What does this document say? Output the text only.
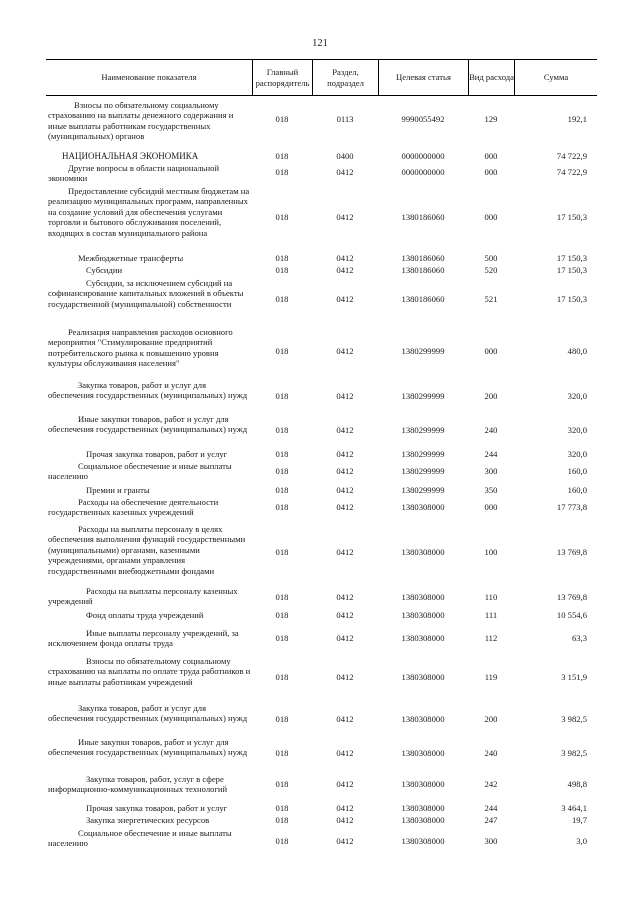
121
Наименование показателя
Главный распорядитель
Раздел, подраздел
Целевая статья	Вид расхода	Сумма
Взносы по обязательному социальному страхованию на выплаты денежного содержания и иные выплаты работникам государственных (муниципальных) органов
018	0113	9990055492	129	192,1
НАЦИОНАЛЬНАЯ ЭКОНОМИКА	018	0400	0000000000	000	74 722,9
Другие вопросы в области национальной экономики
018	0412	0000000000	000	74 722,9
Предоставление субсидий местным бюджетам на реализацию муниципальных программ, направленных на создание условий для обеспечения услугами торговли и бытового обслуживания поселений, входящих в состав муниципального района
018	0412	1380186060	000	17 150,3
Межбюджетные трансферты	018	0412	1380186060	500	17 150,3
Субсидии	018	0412	1380186060	520	17 150,3
Субсидии, за исключением субсидий на софинансирование капитальных вложений в объекты государственной (муниципальной) собственности	018	0412	1380186060	521	17 150,3
Реализация направления расходов основного мероприятия "Стимулирование предприятий потребительского рынка к повышению уровня культуры обслуживания населения"
018	0412	1380299999	000	480,0
Закупка товаров, работ и услуг для обеспечения государственных (муниципальных) нужд	018	0412	1380299999	200	320,0
Иные закупки товаров, работ и услуг для обеспечения государственных (муниципальных) нужд	018	0412	1380299999	240	320,0
Прочая закупка товаров, работ и услуг	018	0412	1380299999	244	320,0
Социальное обеспечение и иные выплаты населению
018	0412	1380299999	300	160,0
Премии и гранты	018	0412	1380299999	350	160,0
Расходы на обеспечение деятельности государственных казенных учреждений
018	0412	1380308000	000	17 773,8
Расходы на выплаты персоналу в целях обеспечения выполнения функций государственными (муниципальными) органами, казенными учреждениями, органами управления государственными внебюджетными фондами
018	0412	1380308000	100	13 769,8
Расходы на выплаты персоналу казенных учреждений	018	0412	1380308000	110	13 769,8
Фонд оплаты труда учреждений	018	0412	1380308000	111	10 554,6
Иные выплаты персоналу учреждений, за исключением фонда оплаты труда
018	0412	1380308000	112	63,3
Взносы по обязательному социальному страхованию на выплаты по оплате труда работников и иные выплаты работникам учреждений	018	0412	1380308000	119	3 151,9
Закупка товаров, работ и услуг для обеспечения государственных (муниципальных) нужд	018	0412	1380308000	200	3 982,5
Иные закупки товаров, работ и услуг для обеспечения государственных (муниципальных) нужд	018	0412	1380308000	240	3 982,5
Закупка товаров, работ, услуг в сфере информационно-коммуникационных технологий
018	0412	1380308000	242	498,8
Прочая закупка товаров, работ и услуг	018	0412	1380308000	244	3 464,1
Закупка энергетических ресурсов	018	0412	1380308000	247	19,7
Социальное обеспечение и иные выплаты населению	018	0412	1380308000	300	3,0
